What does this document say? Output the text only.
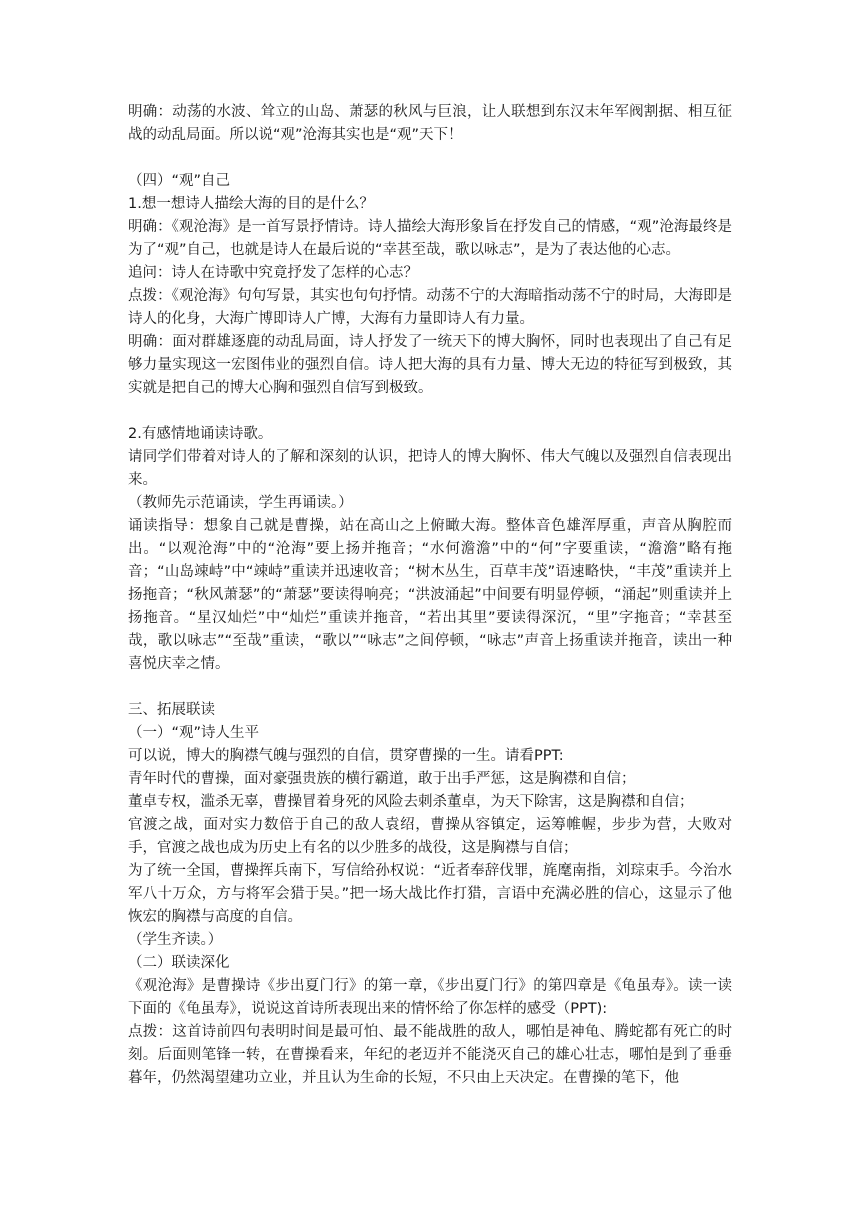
明确：动荡的水波、耸立的山岛、萧瑟的秋风与巨浪，让人联想到东汉末年军阀割据、相互征战的动乱局面。所以说“观”沧海其实也是“观”天下！

（四）“观”自己

1.想一想诗人描绘大海的目的是什么？

明确：《观沧海》是一首写景抒情诗。诗人描绘大海形象旨在抒发自己的情感，“观”沧海最终是为了“观”自己，也就是诗人在最后说的“幸甚至哉，歌以咏志”，是为了表达他的心志。

追问：诗人在诗歌中究竟抒发了怎样的心志？

点拨：《观沧海》句句写景，其实也句句抒情。动荡不宁的大海暗指动荡不宁的时局，大海即是诗人的化身，大海广博即诗人广博，大海有力量即诗人有力量。

明确：面对群雄逐鹿的动乱局面，诗人抒发了一统天下的博大胸怀，同时也表现出了自己有足够力量实现这一宏图伟业的强烈自信。诗人把大海的具有力量、博大无边的特征写到极致，其实就是把自己的博大心胸和强烈自信写到极致。

2.有感情地诵读诗歌。

请同学们带着对诗人的了解和深刻的认识，把诗人的博大胸怀、伟大气魄以及强烈自信表现出来。

（教师先示范诵读，学生再诵读。）

诵读指导：想象自己就是曹操，站在高山之上俯瞰大海。整体音色雄浑厚重，声音从胸腔而出。“以观沧海”中的“沧海”要上扬并拖音；“水何澹澹”中的“何”字要重读，“澹澹”略有拖音；“山岛竦峙”中“竦峙”重读并迅速收音；“树木丛生，百草丰茂”语速略快，“丰茂”重读并上扬拖音；“秋风萧瑟”的“萧瑟”要读得响亮；“洪波涌起”中间要有明显停顿，“涌起”则重读并上扬拖音。“星汉灿烂”中“灿烂”重读并拖音，“若出其里”要读得深沉，“里”字拖音；“幸甚至哉，歌以咏志”“至哉”重读，“歌以”“咏志”之间停顿，“咏志”声音上扬重读并拖音，读出一种喜悦庆幸之情。

三、拓展联读

（一）“观”诗人生平

可以说，博大的胸襟气魄与强烈的自信，贯穿曹操的一生。请看PPT:

青年时代的曹操，面对豪强贵族的横行霸道，敢于出手严惩，这是胸襟和自信；

董卓专权，滥杀无辜，曹操冒着身死的风险去刺杀董卓，为天下除害，这是胸襟和自信；

官渡之战，面对实力数倍于自己的敌人袁绍，曹操从容镇定，运筹帷幄，步步为营，大败对手，官渡之战也成为历史上有名的以少胜多的战役，这是胸襟与自信；

为了统一全国，曹操挥兵南下，写信给孙权说：“近者奉辞伐罪，旄麾南指，刘琮束手。今治水军八十万众，方与将军会猎于吴。”把一场大战比作打猎，言语中充满必胜的信心，这显示了他恢宏的胸襟与高度的自信。

（学生齐读。）

（二）联读深化

《观沧海》是曹操诗《步出夏门行》的第一章，《步出夏门行》的第四章是《龟虽寿》。读一读下面的《龟虽寿》，说说这首诗所表现出来的情怀给了你怎样的感受（PPT):

点拨：这首诗前四句表明时间是最可怕、最不能战胜的敌人，哪怕是神龟、腾蛇都有死亡的时刻。后面则笔锋一转，在曹操看来，年纪的老迈并不能浇灭自己的雄心壮志，哪怕是到了垂垂暮年，仍然渴望建功立业，并且认为生命的长短，不只由上天决定。在曹操的笔下，他
